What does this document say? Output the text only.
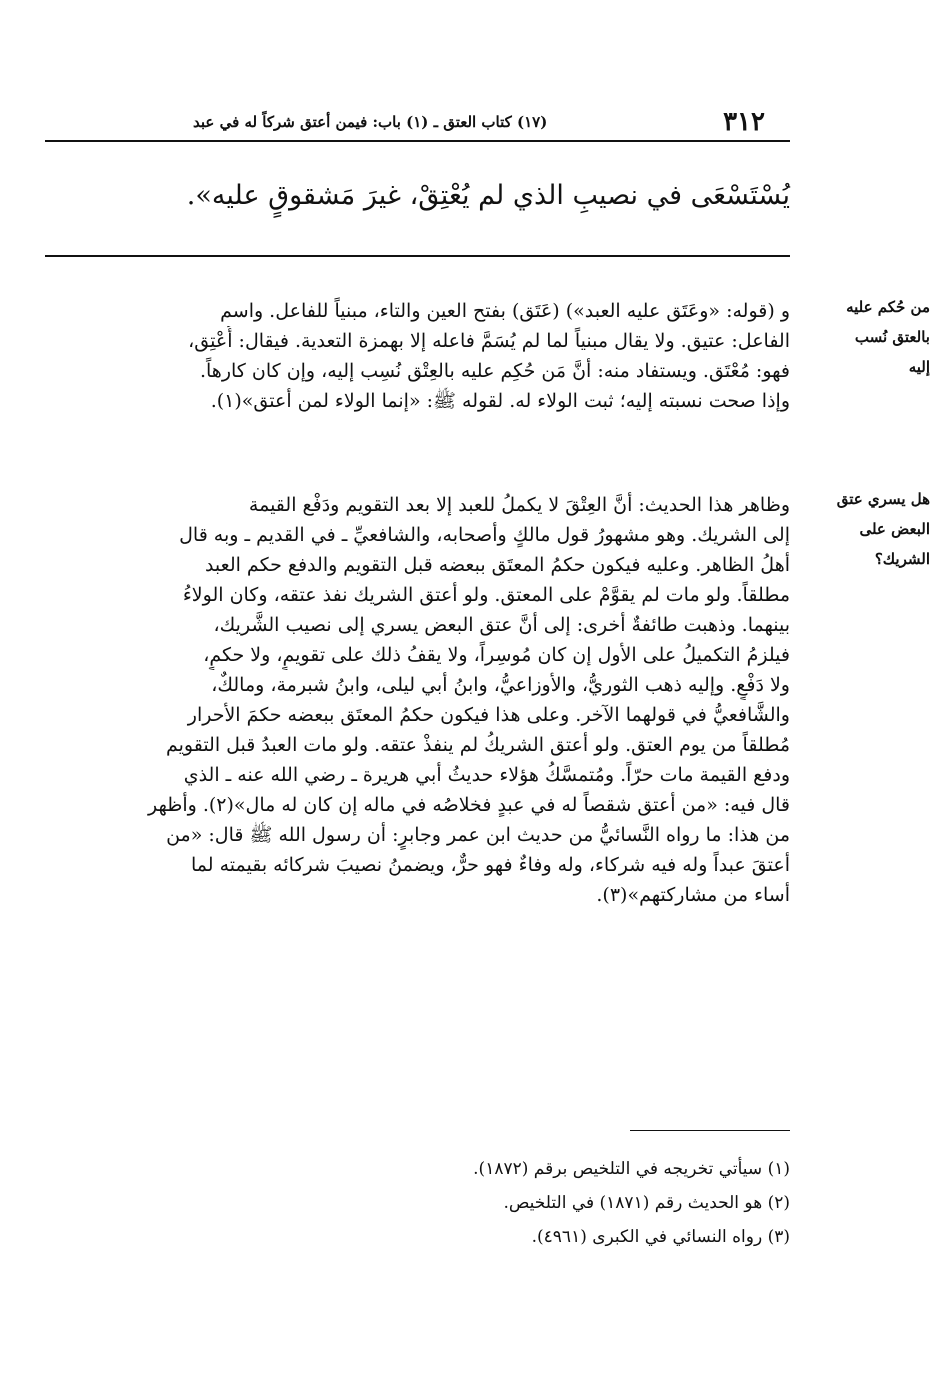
٣١٢
(١٧) كتاب العتق ـ (١) باب: فيمن أعتق شركاً له في عبد
يُسْتَسْعَى في نصيبِ الذي لم يُعْتِقْ، غيرَ مَشقوقٍ عليه».
من حُكم عليه
بالعتق نُسب
إليه
هل يسري عتق
البعض على
الشريك؟
و (قوله: «وعَتَق عليه العبد») (عَتَق) بفتح العين والتاء، مبنياً للفاعل. واسم
الفاعل: عتيق. ولا يقال مبنياً لما لم يُسَمَّ فاعله إلا بهمزة التعدية. فيقال: أُعْتِق،
فهو: مُعْتَق. ويستفاد منه: أنَّ مَن حُكِم عليه بالعِتْق نُسِب إليه، وإن كان كارهاً.
وإذا صحت نسبته إليه؛ ثبت الولاء له. لقوله ﷺ: «إنما الولاء لمن أعتق»(١).
وظاهر هذا الحديث: أنَّ العِتْقَ لا يكملُ للعبد إلا بعد التقويم ودَفْع القيمة
إلى الشريك. وهو مشهورُ قول مالكٍ وأصحابه، والشافعيِّ ـ في القديم ـ وبه قال
أهلُ الظاهر. وعليه فيكون حكمُ المعتَق ببعضه قبل التقويم والدفع حكم العبد
مطلقاً. ولو مات لم يقوَّمْ على المعتق. ولو أعتق الشريك نفذ عتقه، وكان الولاءُ
بينهما. وذهبت طائفةٌ أخرى: إلى أنَّ عتق البعض يسري إلى نصيب الشَّريك،
فيلزمُ التكميلُ على الأول إن كان مُوسِراً، ولا يقفُ ذلك على تقويمٍ، ولا حكمٍ،
ولا دَفْعٍ. وإليه ذهب الثوريُّ، والأوزاعيُّ، وابنُ أبي ليلى، وابنُ شبرمة، ومالكٌ،
والشَّافعيُّ في قولهما الآخر. وعلى هذا فيكون حكمُ المعتَق ببعضه حكمَ الأحرار
مُطلقاً من يوم العتق. ولو أعتق الشريكُ لم ينفذْ عتقه. ولو مات العبدُ قبل التقويم
ودفع القيمة مات حرّاً. ومُتمسَّكُ هؤلاء حديثُ أبي هريرة ـ رضي الله عنه ـ الذي
قال فيه: «من أعتق شقصاً له في عبدٍ فخلاصُه في ماله إن كان له مال»(٢). وأظهر
من هذا: ما رواه النَّسائيُّ من حديث ابن عمر وجابرٍ: أن رسول الله ﷺ قال: «من
أعتقَ عبداً وله فيه شركاء، وله وفاءٌ فهو حرٌّ، ويضمنُ نصيبَ شركائه بقيمته لما
أساء من مشاركتهم»(٣).
(١) سيأتي تخريجه في التلخيص برقم (١٨٧٢).
(٢) هو الحديث رقم (١٨٧١) في التلخيص.
(٣) رواه النسائي في الكبرى (٤٩٦١).
